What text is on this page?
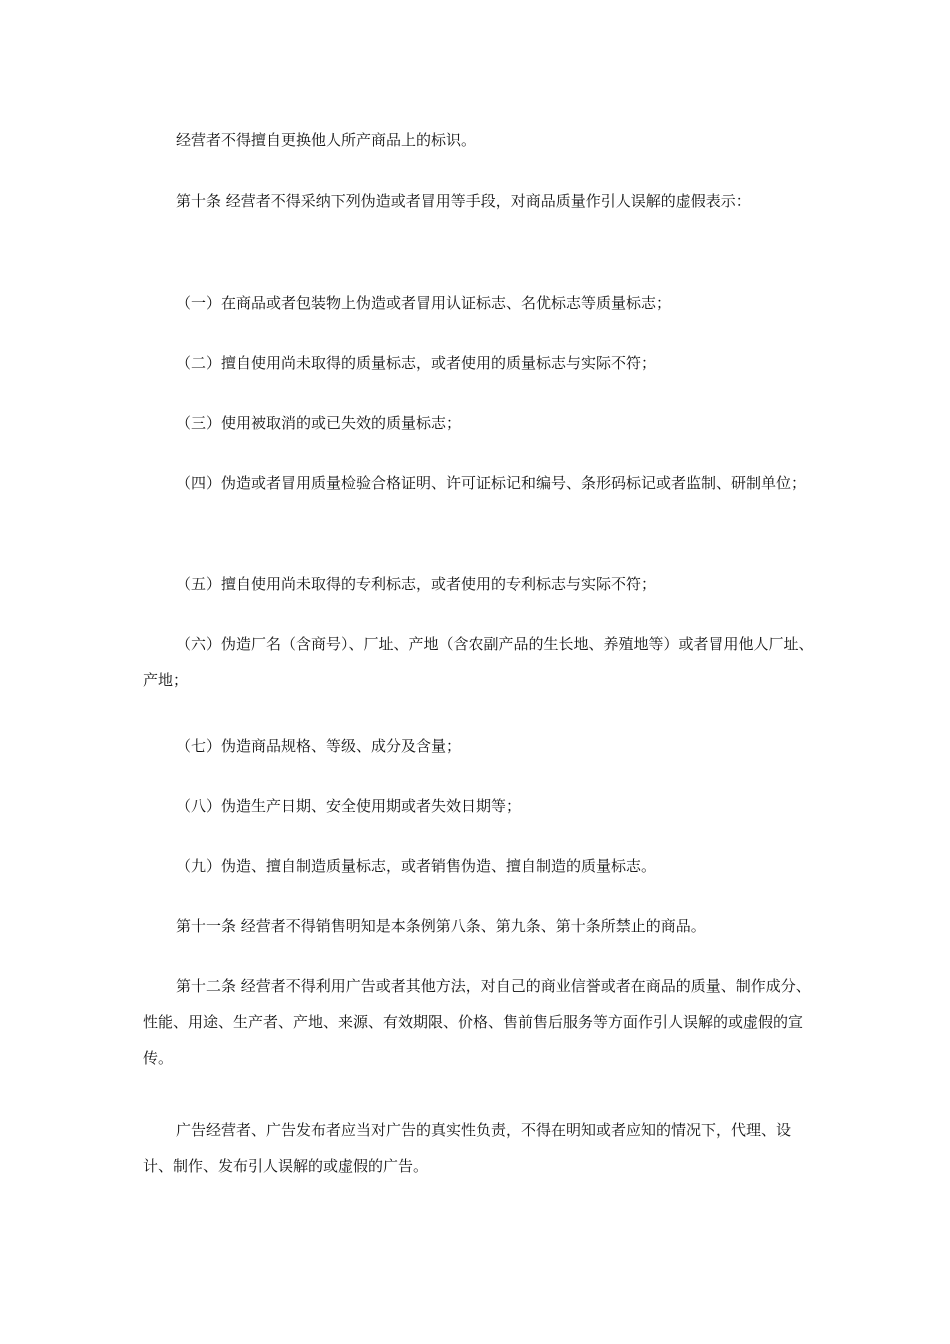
经营者不得擅自更换他人所产商品上的标识。

第十条 经营者不得采纳下列伪造或者冒用等手段，对商品质量作引人误解的虚假表示：

（一）在商品或者包装物上伪造或者冒用认证标志、名优标志等质量标志；

（二）擅自使用尚未取得的质量标志，或者使用的质量标志与实际不符；

（三）使用被取消的或已失效的质量标志；

（四）伪造或者冒用质量检验合格证明、许可证标记和编号、条形码标记或者监制、研制单位；

（五）擅自使用尚未取得的专利标志，或者使用的专利标志与实际不符；

（六）伪造厂名（含商号）、厂址、产地（含农副产品的生长地、养殖地等）或者冒用他人厂址、产地；

（七）伪造商品规格、等级、成分及含量；

（八）伪造生产日期、安全使用期或者失效日期等；

（九）伪造、擅自制造质量标志，或者销售伪造、擅自制造的质量标志。

第十一条 经营者不得销售明知是本条例第八条、第九条、第十条所禁止的商品。

第十二条 经营者不得利用广告或者其他方法，对自己的商业信誉或者在商品的质量、制作成分、性能、用途、生产者、产地、来源、有效期限、价格、售前售后服务等方面作引人误解的或虚假的宣传。

广告经营者、广告发布者应当对广告的真实性负责，不得在明知或者应知的情况下，代理、设计、制作、发布引人误解的或虚假的广告。
